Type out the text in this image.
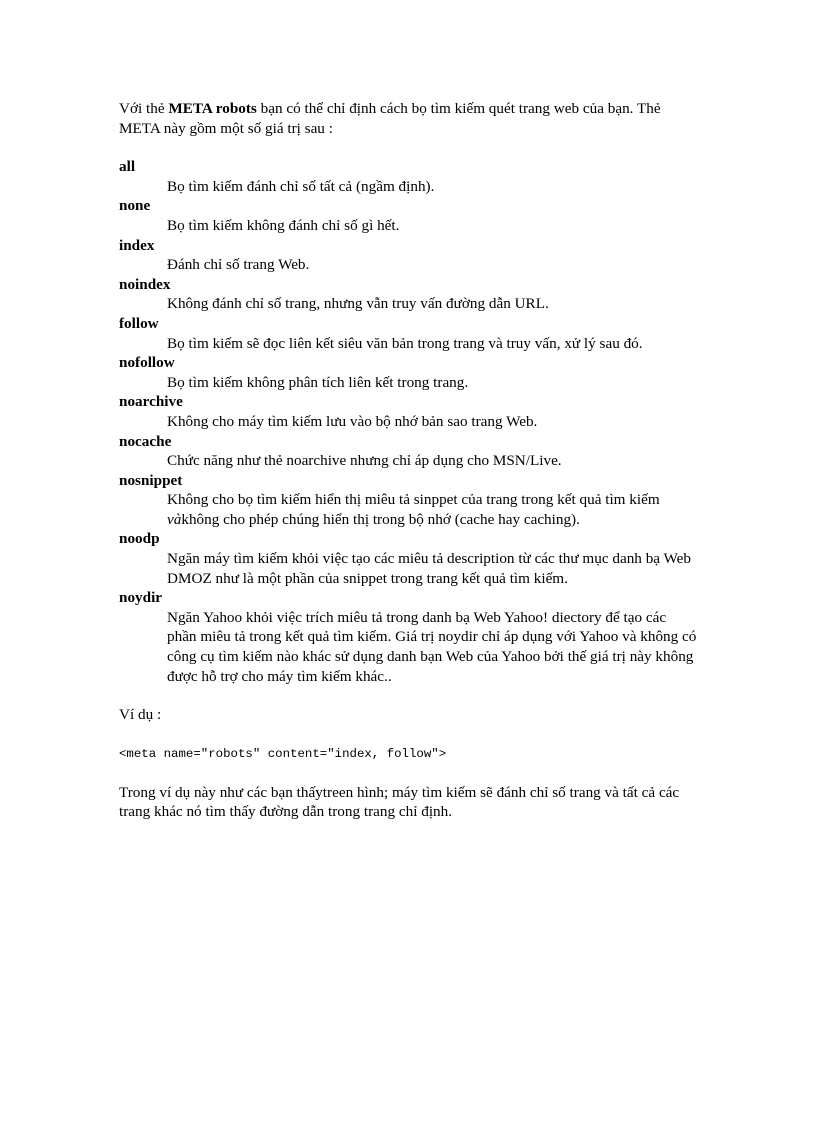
Với thẻ META robots bạn có thể chỉ định cách bọ tìm kiếm quét trang web của bạn. Thẻ META này gồm một số giá trị sau :

all
Bọ tìm kiếm đánh chỉ số tất cả (ngầm định).
none
Bọ tìm kiếm không đánh chỉ số gì hết.
index
Đánh chỉ số trang Web.
noindex
Không đánh chỉ số trang, nhưng vẫn truy vấn đường dẫn URL.
follow
Bọ tìm kiếm sẽ đọc liên kết siêu văn bản trong trang và truy vấn, xử lý sau đó.
nofollow
Bọ tìm kiếm không phân tích liên kết trong trang.
noarchive
Không cho máy tìm kiếm lưu vào bộ nhớ bản sao trang Web.
nocache
Chức năng như thẻ noarchive nhưng chỉ áp dụng cho MSN/Live.
nosnippet
Không cho bọ tìm kiếm hiển thị miêu tả sinppet của trang trong kết quả tìm kiếm vàkhông cho phép chúng hiển thị trong bộ nhớ (cache hay caching).
noodp
Ngăn máy tìm kiếm khỏi việc tạo các miêu tả description từ các thư mục danh bạ Web DMOZ như là một phần của snippet trong trang kết quả tìm kiếm.
noydir
Ngăn Yahoo khỏi việc trích miêu tả trong danh bạ Web Yahoo! diectory để tạo các phần miêu tả trong kết quả tìm kiếm. Giá trị noydir chỉ áp dụng với Yahoo và không có công cụ tìm kiếm nào khác sử dụng danh bạn Web của Yahoo bởi thế giá trị này không được hỗ trợ cho máy tìm kiếm khác..

Ví dụ :

<meta name="robots" content="index, follow">

Trong ví dụ này như các bạn thấytreen hình; máy tìm kiếm sẽ đánh chỉ số trang và tất cả các trang khác nó tìm thấy đường dẫn trong trang chỉ định.
